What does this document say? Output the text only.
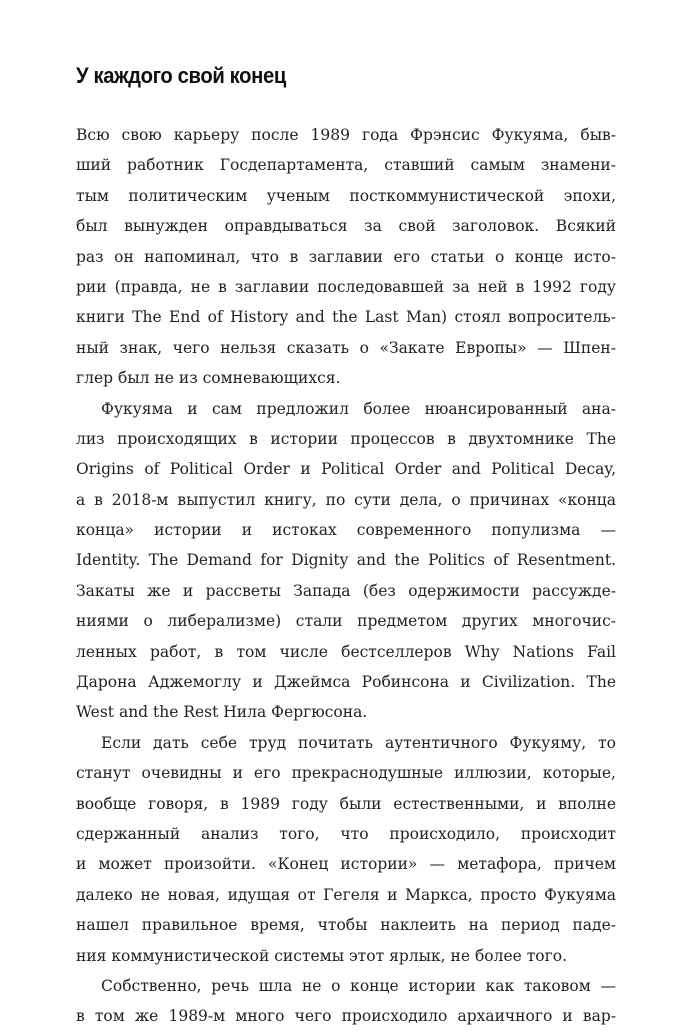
У каждого свой конец
Всю свою карьеру после 1989 года Фрэнсис Фукуяма, быв-
ший работник Госдепартамента, ставший самым знамени-
тым политическим ученым посткоммунистической эпохи,
был вынужден оправдываться за свой заголовок. Всякий
раз он напоминал, что в заглавии его статьи о конце исто-
рии (правда, не в заглавии последовавшей за ней в 1992 году
книги The End of History and the Last Man) стоял вопроситель-
ный знак, чего нельзя сказать о «Закате Европы» — Шпен-
глер был не из сомневающихся.
Фукуяма и сам предложил более нюансированный ана-
лиз происходящих в истории процессов в двухтомнике The
Origins of Political Order и Political Order and Political Decay,
а в 2018-м выпустил книгу, по сути дела, о причинах «конца
конца» истории и истоках современного популизма —
Identity. The Demand for Dignity and the Politics of Resentment.
Закаты же и рассветы Запада (без одержимости рассужде-
ниями о либерализме) стали предметом других многочис-
ленных работ, в том числе бестселлеров Why Nations Fail
Дарона Аджемоглу и Джеймса Робинсона и Civilization. The
West and the Rest Нила Фергюсона.
Если дать себе труд почитать аутентичного Фукуяму, то
станут очевидны и его прекраснодушные иллюзии, которые,
вообще говоря, в 1989 году были естественными, и вполне
сдержанный анализ того, что происходило, происходит
и может произойти. «Конец истории» — метафора, причем
далеко не новая, идущая от Гегеля и Маркса, просто Фукуяма
нашел правильное время, чтобы наклеить на период паде-
ния коммунистической системы этот ярлык, не более того.
Собственно, речь шла не о конце истории как таковом —
в том же 1989-м много чего происходило архаичного и вар-
